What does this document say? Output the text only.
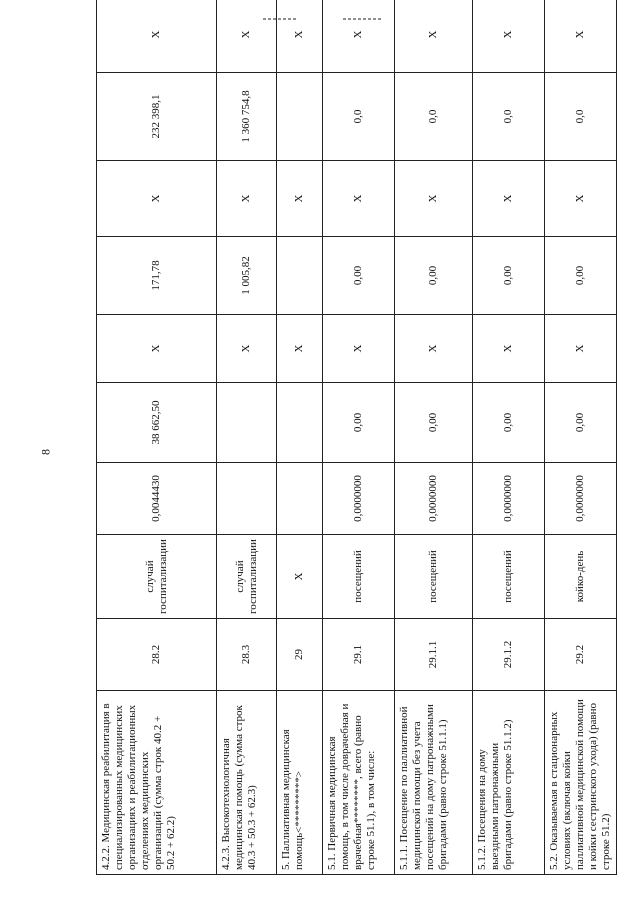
8
4.2.2. Медицинская реабилитация в специализированных медицинских организациях и реабилитационных отделениях медицинских организаций (сумма строк 40.2 + 50.2 + 62.2)	28.2	случай госпитализации	0,0044430	38 662,50	X	171,78	X	232 398,1	X
4.2.3. Высокотехнологичная медицинская помощь (сумма строк 40.3 + 50.3 + 62.3)	28.3	случай госпитализации			X	1 005,82	X	1 360 754,8	X
5. Паллиативная медицинская помощь<*********>	29	X			X		X		X
5.1. Первичная медицинская помощь, в том числе доврачебная и врачебная********, всего (равно строке 51.1), в том числе:	29.1	посещений	0,0000000	0,00	X	0,00	X	0,0	X
5.1.1. Посещение по паллиативной медицинской помощи без учета посещений на дому патронажными бригадами (равно строке 51.1.1)	29.1.1	посещений	0,0000000	0,00	X	0,00	X	0,0	X
5.1.2. Посещения на дому выездными патронажными бригадами (равно строке 51.1.2)	29.1.2	посещений	0,0000000	0,00	X	0,00	X	0,0	X
5.2. Оказываемая в стационарных условиях (включая койки паллиативной медицинской помощи и койки сестринского ухода) (равно строке 51.2)	29.2	койко-день	0,0000000	0,00	X	0,00	X	0,0	X
